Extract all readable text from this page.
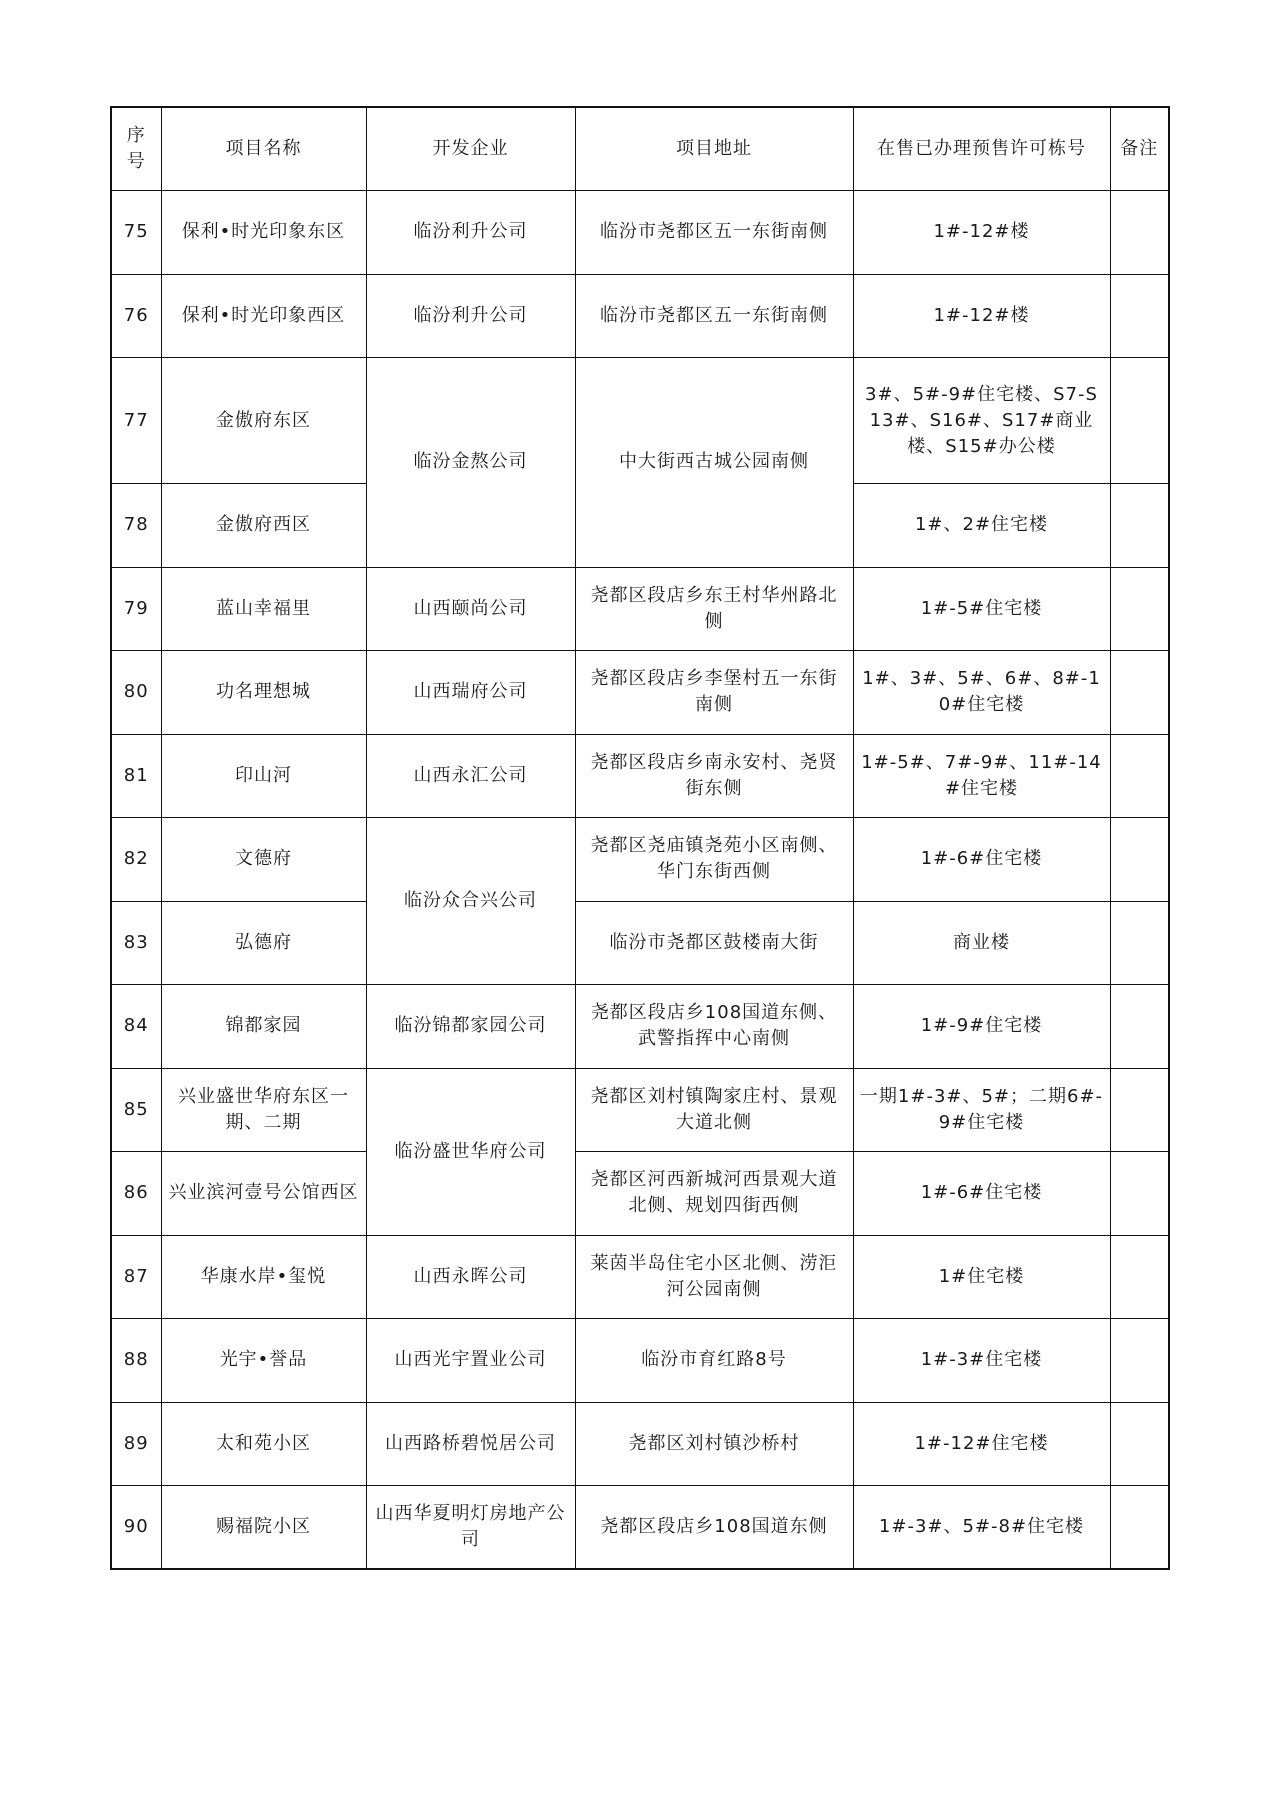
序号	项目名称	开发企业	项目地址	在售已办理预售许可栋号	备注
75	保利•时光印象东区	临汾利升公司	临汾市尧都区五一东街南侧	1#-12#楼	
76	保利•时光印象西区	临汾利升公司	临汾市尧都区五一东街南侧	1#-12#楼	
77	金傲府东区	临汾金熬公司	中大街西古城公园南侧	3#、5#-9#住宅楼、S7-S13#、S16#、S17#商业楼、S15#办公楼	
78	金傲府西区			1#、2#住宅楼	
79	蓝山幸福里	山西颐尚公司	尧都区段店乡东王村华州路北侧	1#-5#住宅楼	
80	功名理想城	山西瑞府公司	尧都区段店乡李堡村五一东街南侧	1#、3#、5#、6#、8#-10#住宅楼	
81	印山河	山西永汇公司	尧都区段店乡南永安村、尧贤街东侧	1#-5#、7#-9#、11#-14#住宅楼	
82	文德府	临汾众合兴公司	尧都区尧庙镇尧苑小区南侧、华门东街西侧	1#-6#住宅楼	
83	弘德府		临汾市尧都区鼓楼南大街	商业楼	
84	锦都家园	临汾锦都家园公司	尧都区段店乡108国道东侧、武警指挥中心南侧	1#-9#住宅楼	
85	兴业盛世华府东区一期、二期	临汾盛世华府公司	尧都区刘村镇陶家庄村、景观大道北侧	一期1#-3#、5#；二期6#-9#住宅楼	
86	兴业滨河壹号公馆西区		尧都区河西新城河西景观大道北侧、规划四街西侧	1#-6#住宅楼	
87	华康水岸•玺悦	山西永晖公司	莱茵半岛住宅小区北侧、涝洰河公园南侧	1#住宅楼	
88	光宇•誉品	山西光宇置业公司	临汾市育红路8号	1#-3#住宅楼	
89	太和苑小区	山西路桥碧悦居公司	尧都区刘村镇沙桥村	1#-12#住宅楼	
90	赐福院小区	山西华夏明灯房地产公司	尧都区段店乡108国道东侧	1#-3#、5#-8#住宅楼	
